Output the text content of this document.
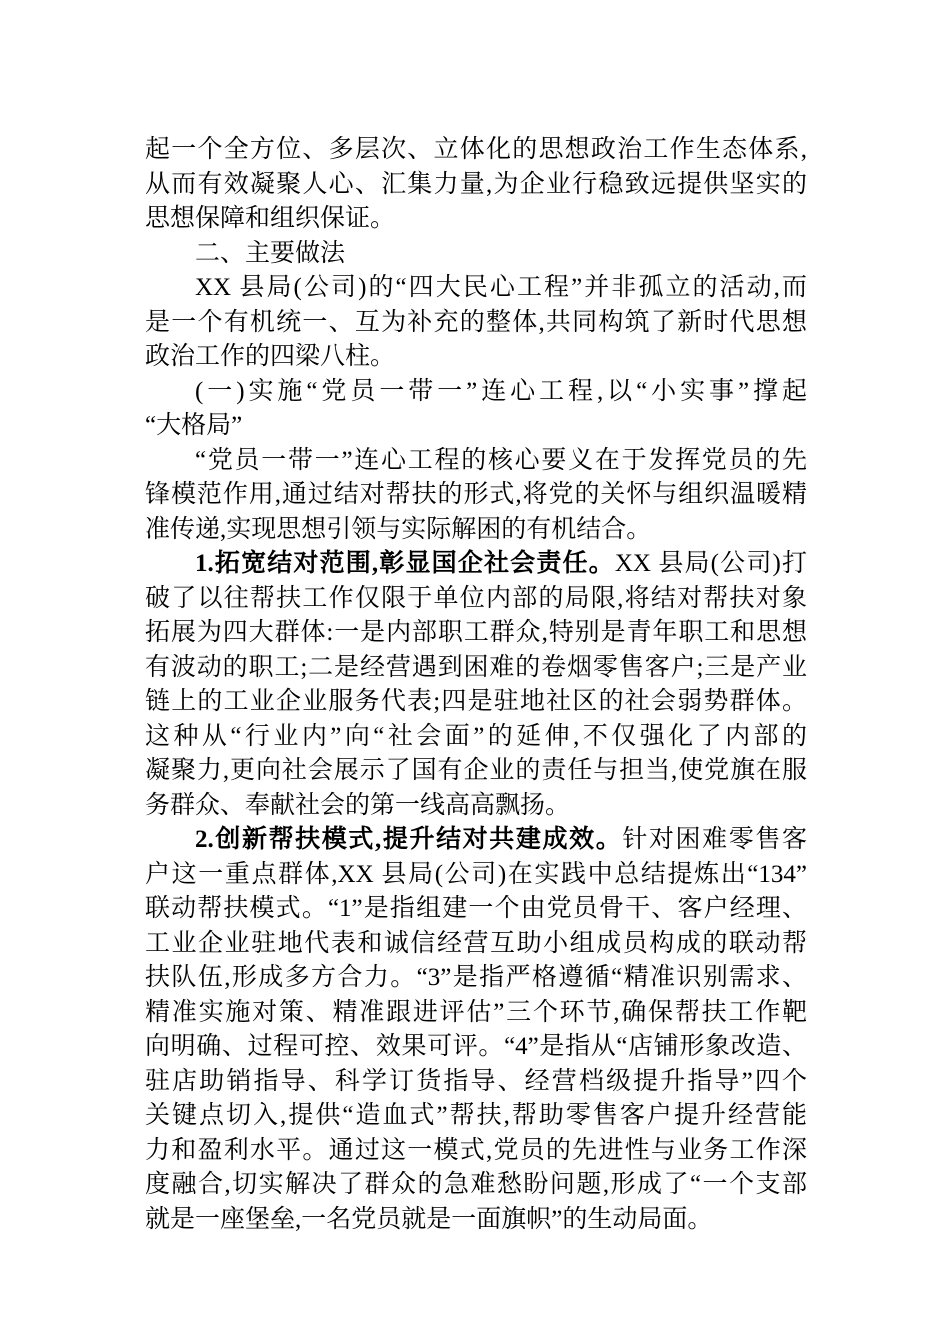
起一个全方位、多层次、立体化的思想政治工作生态体系,
从而有效凝聚人心、汇集力量,为企业行稳致远提供坚实的
思想保障和组织保证。
二、主要做法
XX 县局(公司)的“四大民心工程”并非孤立的活动,而
是一个有机统一、互为补充的整体,共同构筑了新时代思想
政治工作的四梁八柱。
(一)实施“党员一带一”连心工程,以“小实事”撑起
“大格局”
“党员一带一”连心工程的核心要义在于发挥党员的先
锋模范作用,通过结对帮扶的形式,将党的关怀与组织温暖精
准传递,实现思想引领与实际解困的有机结合。
1.拓宽结对范围,彰显国企社会责任。XX 县局(公司)打
破了以往帮扶工作仅限于单位内部的局限,将结对帮扶对象
拓展为四大群体:一是内部职工群众,特别是青年职工和思想
有波动的职工;二是经营遇到困难的卷烟零售客户;三是产业
链上的工业企业服务代表;四是驻地社区的社会弱势群体。
这种从“行业内”向“社会面”的延伸,不仅强化了内部的
凝聚力,更向社会展示了国有企业的责任与担当,使党旗在服
务群众、奉献社会的第一线高高飘扬。
2.创新帮扶模式,提升结对共建成效。针对困难零售客
户这一重点群体,XX 县局(公司)在实践中总结提炼出“134”
联动帮扶模式。“1”是指组建一个由党员骨干、客户经理、
工业企业驻地代表和诚信经营互助小组成员构成的联动帮
扶队伍,形成多方合力。“3”是指严格遵循“精准识别需求、
精准实施对策、精准跟进评估”三个环节,确保帮扶工作靶
向明确、过程可控、效果可评。“4”是指从“店铺形象改造、
驻店助销指导、科学订货指导、经营档级提升指导”四个
关键点切入,提供“造血式”帮扶,帮助零售客户提升经营能
力和盈利水平。通过这一模式,党员的先进性与业务工作深
度融合,切实解决了群众的急难愁盼问题,形成了“一个支部
就是一座堡垒,一名党员就是一面旗帜”的生动局面。
